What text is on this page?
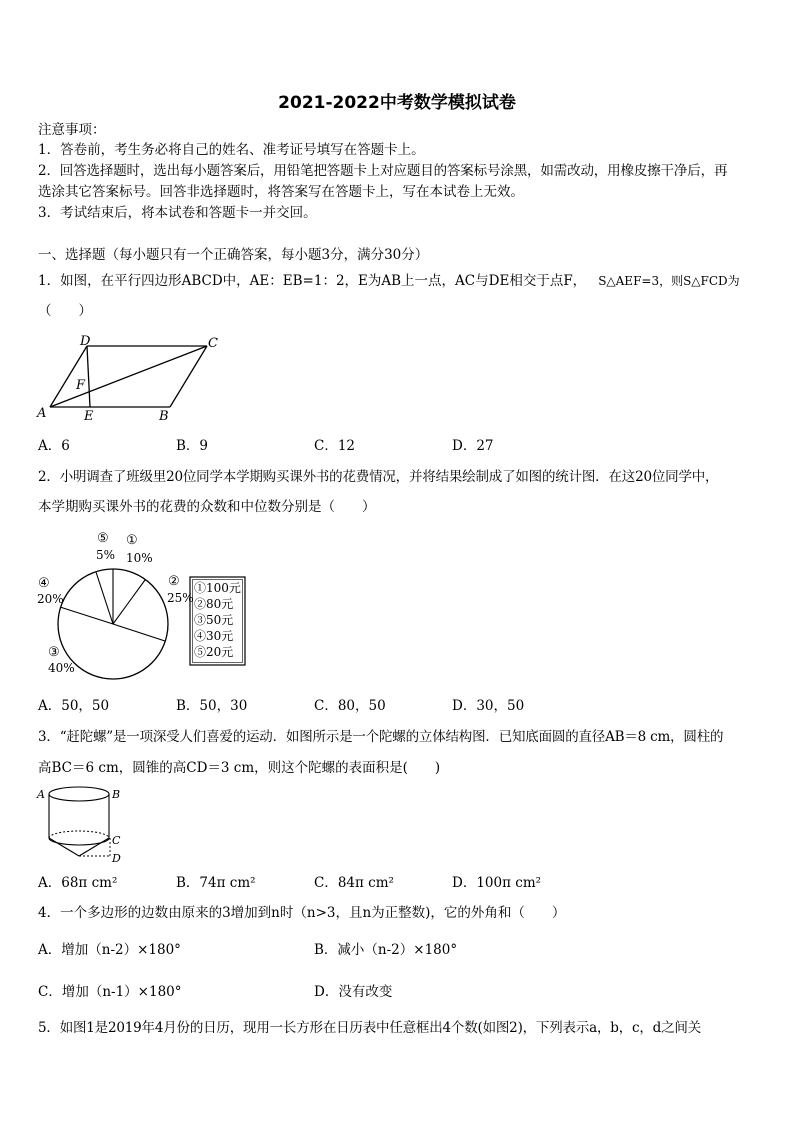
2021-2022中考数学模拟试卷
注意事项：
1．答卷前，考生务必将自己的姓名、准考证号填写在答题卡上。
2．回答选择题时，选出每小题答案后，用铅笔把答题卡上对应题目的答案标号涂黑，如需改动，用橡皮擦干净后，再
选涂其它答案标号。回答非选择题时，将答案写在答题卡上，写在本试卷上无效。
3．考试结束后，将本试卷和答题卡一并交回。
一、选择题（每小题只有一个正确答案，每小题3分，满分30分）
1．如图，在平行四边形ABCD中，AE：EB=1：2，E为AB上一点，AC与DE相交于点F， S△AEF=3，则S△FCD为
（　　）
A	B
C
D
E
F
A．6	B．9	C．12	D．27
2．小明调查了班级里20位同学本学期购买课外书的花费情况，并将结果绘制成了如图的统计图．在这20位同学中，
本学期购买课外书的花费的众数和中位数分别是（　　）
⑤
5%
①
10%
②
25%
③
40%
④
20%
①100元
②80元
③50元
④30元
⑤20元
A．50，50	B．50，30	C．80，50	D．30，50
3．“赶陀螺”是一项深受人们喜爱的运动．如图所示是一个陀螺的立体结构图．已知底面圆的直径AB＝8 cm，圆柱的
高BC＝6 cm，圆锥的高CD＝3 cm，则这个陀螺的表面积是(　　)
A	B
C
D
A．68π cm²	B．74π cm²	C．84π cm²	D．100π cm²
4．一个多边形的边数由原来的3增加到n时（n>3，且n为正整数)，它的外角和（　　）
A．增加（n-2）×180°	B．减小（n-2）×180°
C．增加（n-1）×180°	D．没有改变
5．如图1是2019年4月份的日历，现用一长方形在日历表中任意框出4个数(如图2)，下列表示a，b，c，d之间关
